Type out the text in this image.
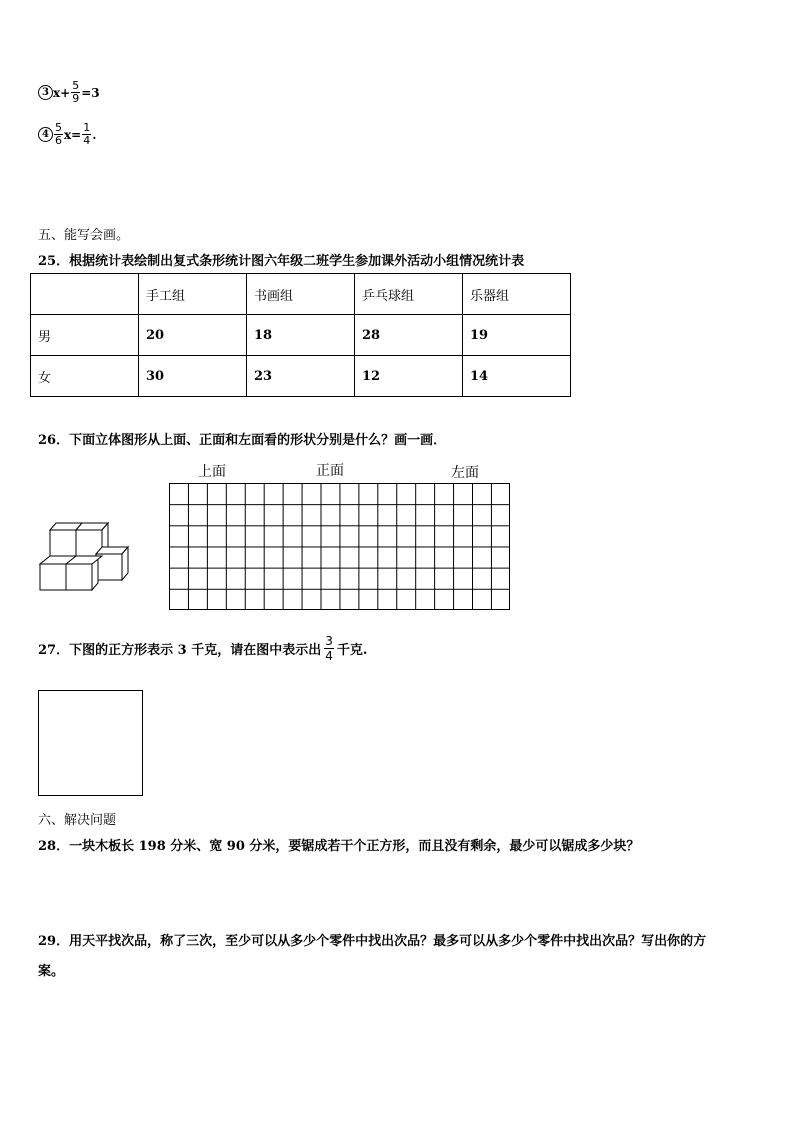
3 $x+ \frac{5}{9} =3$
$4 \frac{5}{6} x= \frac{1}{4}$ .
五、能写会画。
25．根据统计表绘制出复式条形统计图六年级二班学生参加课外活动小组情况统计表
	手工组	书画组	乒乓球组	乐器组
男	20	18	28	19
女	30	23	12	14
26．下面立体图形从上面、正面和左面看的形状分别是什么？画一画．
上面	正面	左面
27．下图的正方形表示 3 千克，请在图中表示出 $\frac{3}{4}$ 千克.
六、解决问题
28．一块木板长 198 分米、宽 90 分米，要锯成若干个正方形，而且没有剩余，最少可以锯成多少块？
29．用天平找次品，称了三次，至少可以从多少个零件中找出次品？最多可以从多少个零件中找出次品？写出你的方
案。
